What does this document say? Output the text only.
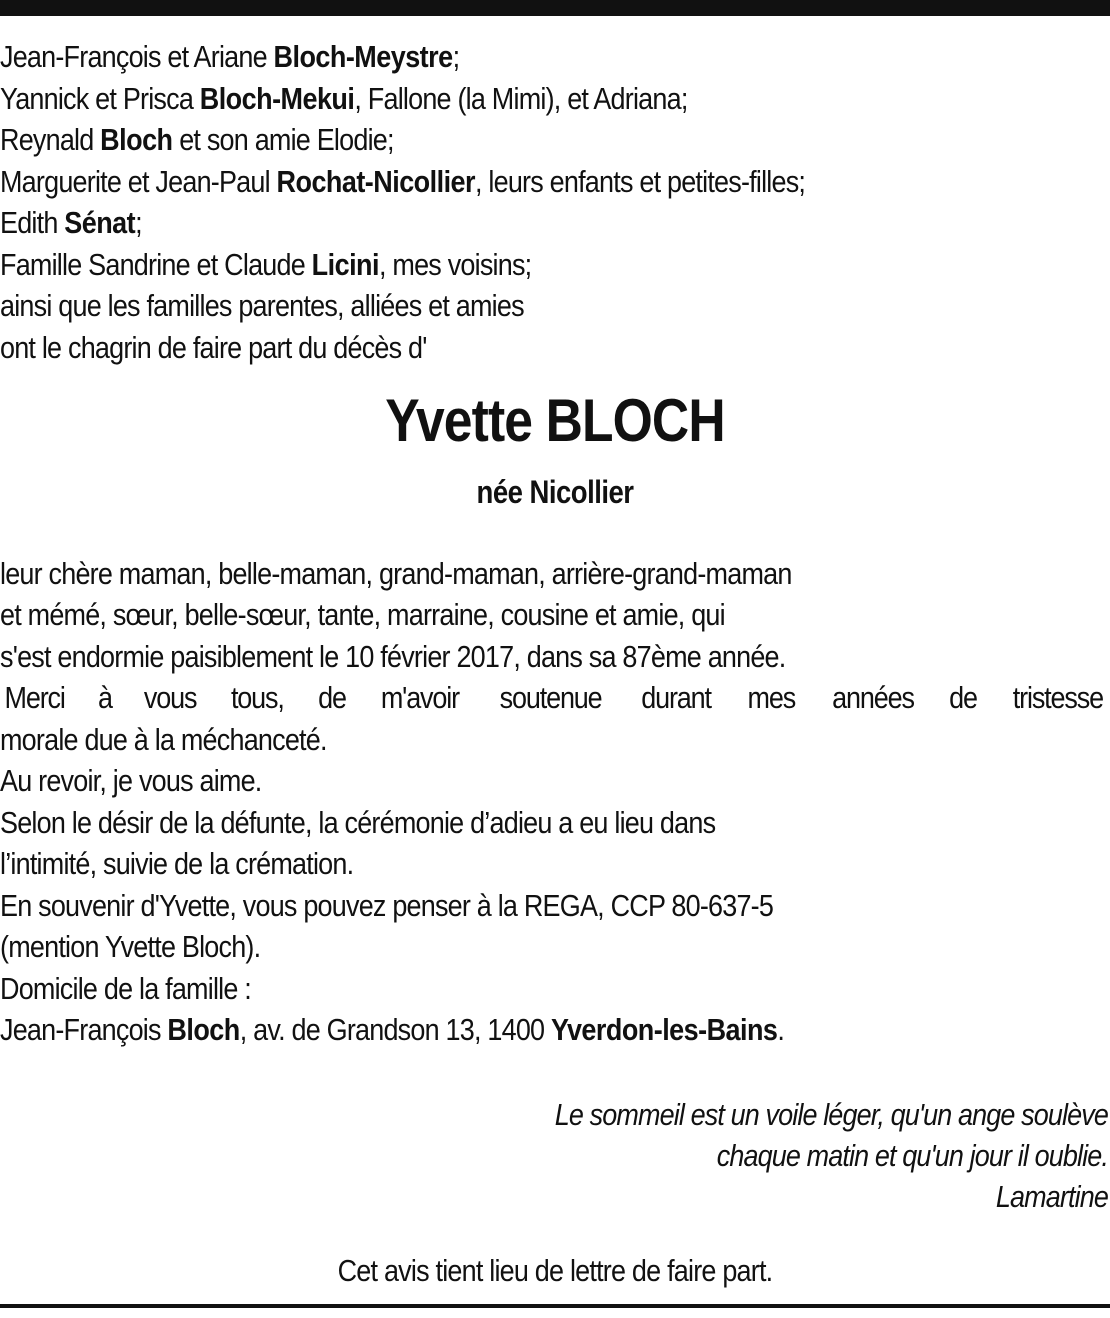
Jean-François et Ariane Bloch-Meystre;
Yannick et Prisca Bloch-Mekui, Fallone (la Mimi), et Adriana;
Reynald Bloch et son amie Elodie;
Marguerite et Jean-Paul Rochat-Nicollier, leurs enfants et petites-filles;
Edith Sénat;
Famille Sandrine et Claude Licini, mes voisins;
ainsi que les familles parentes, alliées et amies
ont le chagrin de faire part du décès d'
Yvette BLOCH
née Nicollier
leur chère maman, belle-maman, grand-maman, arrière-grand-maman
et mémé, sœur, belle-sœur, tante, marraine, cousine et amie, qui
s'est endormie paisiblement le 10 février 2017, dans sa 87ème année.
Merci à vous tous, de m'avoir soutenue durant mes années de tristesse
morale due à la méchanceté.
Au revoir, je vous aime.
Selon le désir de la défunte, la cérémonie d’adieu a eu lieu dans
l’intimité, suivie de la crémation.
En souvenir d'Yvette, vous pouvez penser à la REGA, CCP 80-637-5
(mention Yvette Bloch).
Domicile de la famille :
Jean-François Bloch, av. de Grandson 13, 1400 Yverdon-les-Bains.
Le sommeil est un voile léger, qu'un ange soulève
chaque matin et qu'un jour il oublie.
Lamartine
Cet avis tient lieu de lettre de faire part.
